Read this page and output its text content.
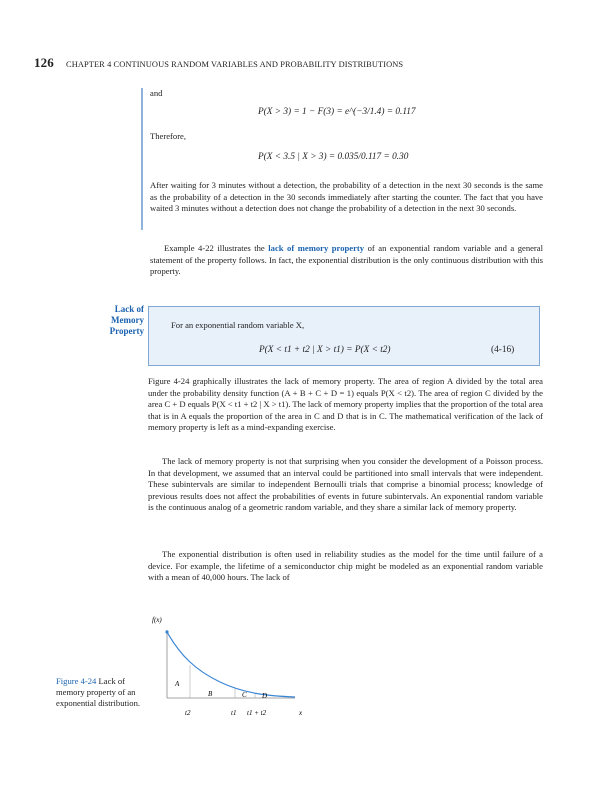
126 CHAPTER 4 CONTINUOUS RANDOM VARIABLES AND PROBABILITY DISTRIBUTIONS
and
P(X > 3) = 1 − F(3) = e^(−3/1.4) = 0.117
Therefore,
P(X < 3.5 | X > 3) = 0.035/0.117 = 0.30
After waiting for 3 minutes without a detection, the probability of a detection in the next 30 seconds is the same as the probability of a detection in the 30 seconds immediately after starting the counter. The fact that you have waited 3 minutes without a detection does not change the probability of a detection in the next 30 seconds.
Example 4-22 illustrates the lack of memory property of an exponential random variable and a general statement of the property follows. In fact, the exponential distribution is the only continuous distribution with this property.
Lack of
Memory
Property
For an exponential random variable X,
P(X < t1 + t2 | X > t1) = P(X < t2)	(4-16)
Figure 4-24 graphically illustrates the lack of memory property. The area of region A divided by the total area under the probability density function (A + B + C + D = 1) equals P(X < t2). The area of region C divided by the area C + D equals P(X < t1 + t2 | X > t1). The lack of memory property implies that the proportion of the total area that is in A equals the proportion of the area in C and D that is in C. The mathematical verification of the lack of memory property is left as a mind-expanding exercise.
The lack of memory property is not that surprising when you consider the development of a Poisson process. In that development, we assumed that an interval could be partitioned into small intervals that were independent. These subintervals are similar to independent Bernoulli trials that comprise a binomial process; knowledge of previous results does not affect the probabilities of events in future subintervals. An exponential random variable is the continuous analog of a geometric random variable, and they share a similar lack of memory property.
The exponential distribution is often used in reliability studies as the model for the time until failure of a device. For example, the lifetime of a semiconductor chip might be modeled as an exponential random variable with a mean of 40,000 hours. The lack of
f(x)
A
B	C D
t2	t1 t1 + t2	x
Figure 4-24 Lack of memory property of an exponential distribution.
